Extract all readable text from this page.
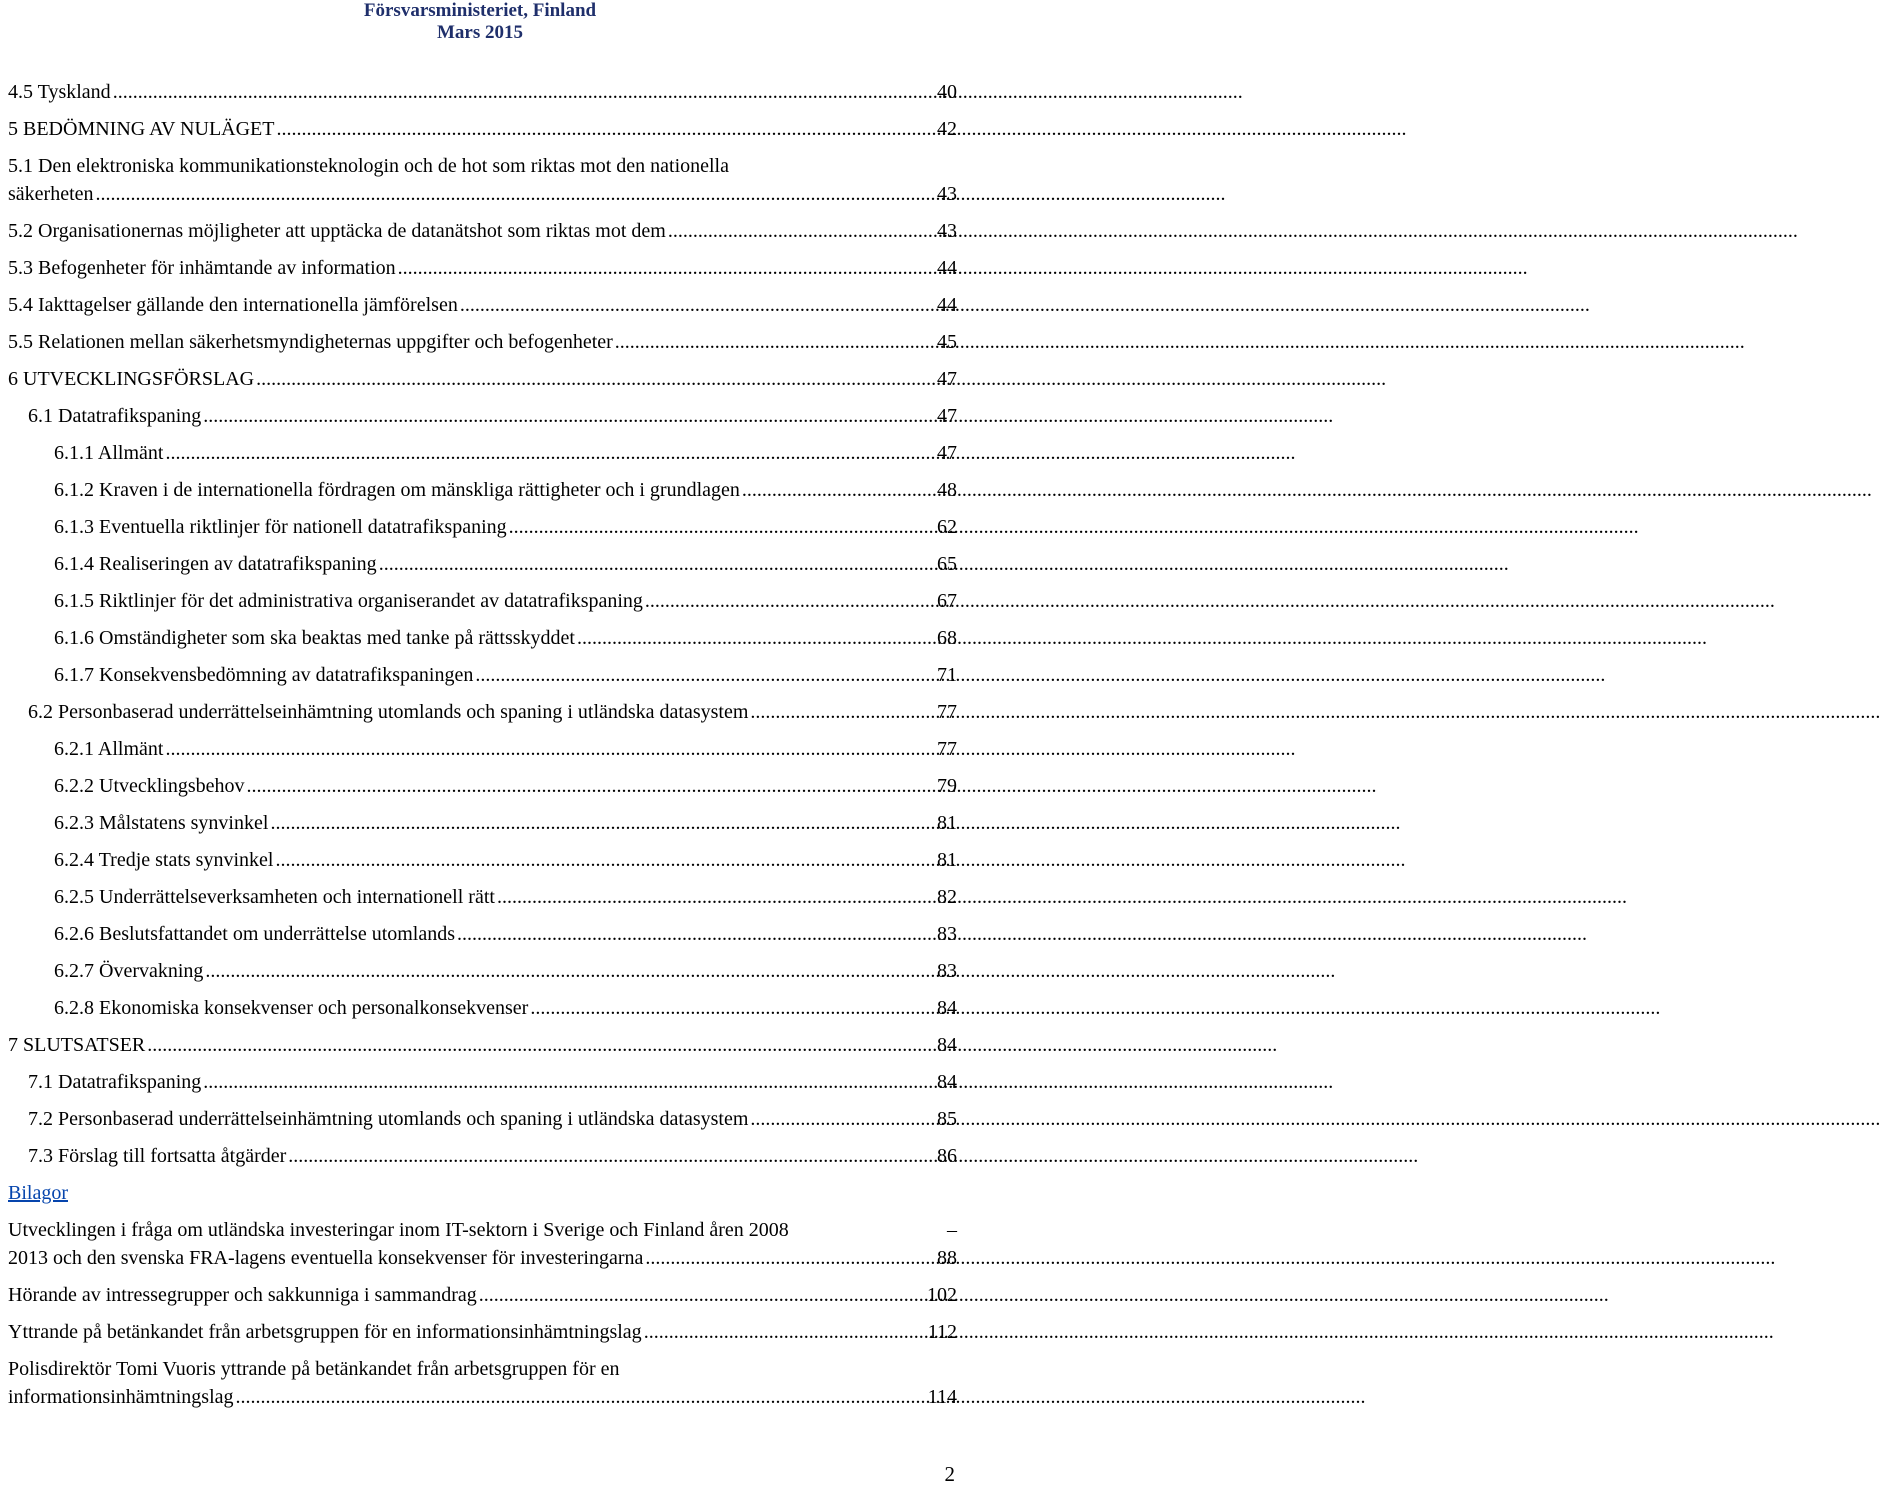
Försvarsministeriet, Finland
Mars 2015
4.5 Tyskland .....	40
5 BEDÖMNING AV NULÄGET .....	42
5.1 Den elektroniska kommunikationsteknologin och de hot som riktas mot den nationella
säkerheten .....	43
5.2 Organisationernas möjligheter att upptäcka de datanätshot som riktas mot dem .....	43
5.3 Befogenheter för inhämtande av information .....	44
5.4 Iakttagelser gällande den internationella jämförelsen .....	44
5.5 Relationen mellan säkerhetsmyndigheternas uppgifter och befogenheter .....	45
6 UTVECKLINGSFÖRSLAG .....	47
6.1 Datatrafikspaning .....	47
6.1.1 Allmänt .....	47
6.1.2 Kraven i de internationella fördragen om mänskliga rättigheter och i grundlagen .....	48
6.1.3 Eventuella riktlinjer för nationell datatrafikspaning .....	62
6.1.4 Realiseringen av datatrafikspaning .....	65
6.1.5 Riktlinjer för det administrativa organiserandet av datatrafikspaning .....	67
6.1.6 Omständigheter som ska beaktas med tanke på rättsskyddet .....	68
6.1.7 Konsekvensbedömning av datatrafikspaningen .....	71
6.2 Personbaserad underrättelseinhämtning utomlands och spaning i utländska datasystem .....	77
6.2.1 Allmänt .....	77
6.2.2 Utvecklingsbehov .....	79
6.2.3 Målstatens synvinkel .....	81
6.2.4 Tredje stats synvinkel .....	81
6.2.5 Underrättelseverksamheten och internationell rätt .....	82
6.2.6 Beslutsfattandet om underrättelse utomlands .....	83
6.2.7 Övervakning .....	83
6.2.8 Ekonomiska konsekvenser och personalkonsekvenser .....	84
7 SLUTSATSER .....	84
7.1 Datatrafikspaning .....	84
7.2 Personbaserad underrättelseinhämtning utomlands och spaning i utländska datasystem .....	85
7.3 Förslag till fortsatta åtgärder .....	86
Bilagor
Utvecklingen i fråga om utländska investeringar inom IT-sektorn i Sverige och Finland åren 2008	–
2013 och den svenska FRA-lagens eventuella konsekvenser för investeringarna .....	88
Hörande av intressegrupper och sakkunniga i sammandrag .....	102
Yttrande på betänkandet från arbetsgruppen för en informationsinhämtningslag .....	112
Polisdirektör Tomi Vuoris yttrande på betänkandet från arbetsgruppen för en
informationsinhämtningslag .....	114
2
